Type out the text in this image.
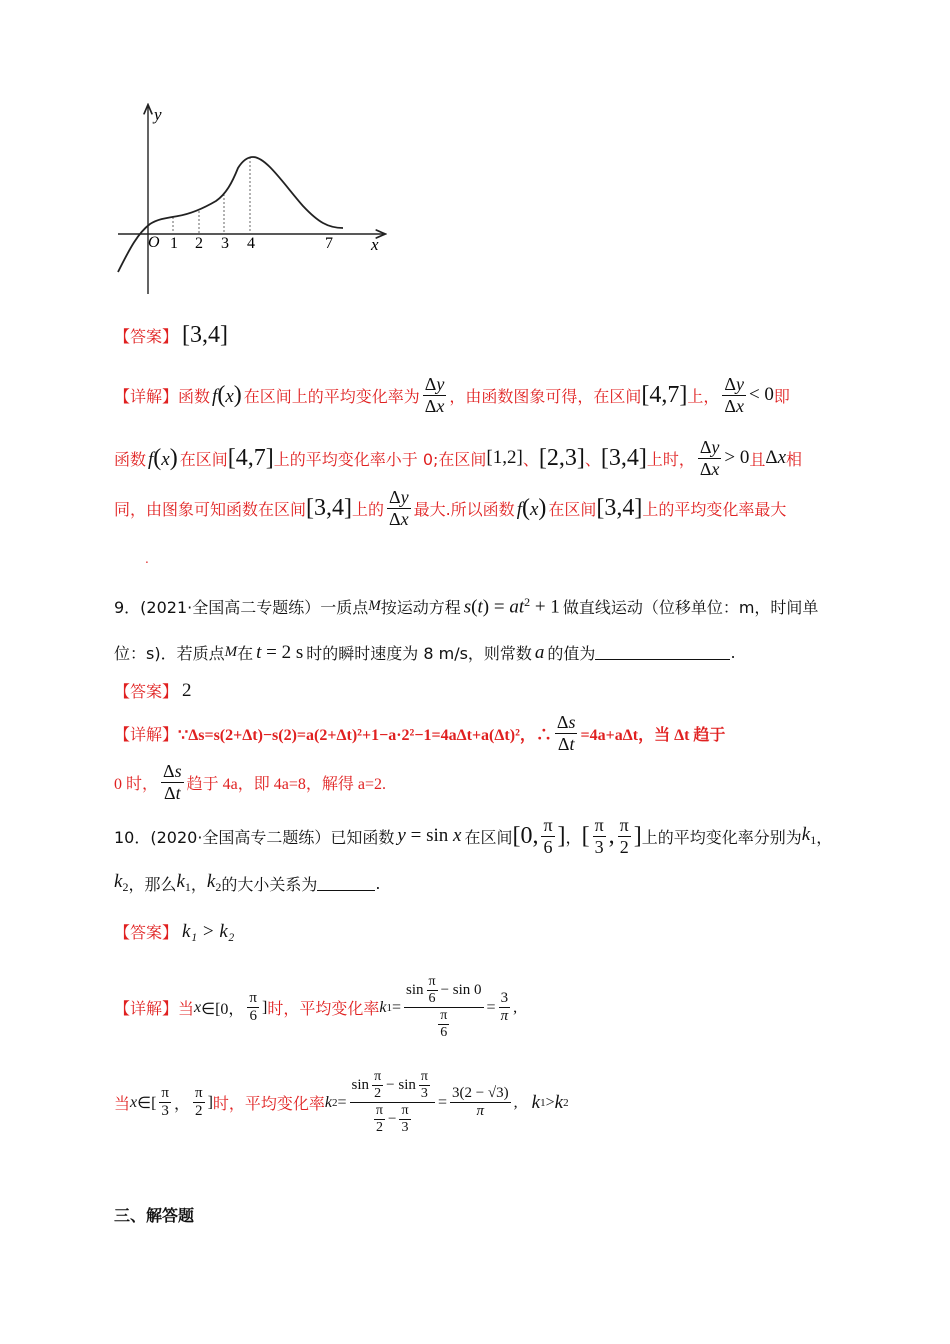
y
O	x
1 2 3 4	7
【答案】 [3,4]
【详解】 函数 f(x) 在区间上的平均变化率为 $\frac{\Delta y}{\Delta x}$ ，由函数图象可得，在区间 [4,7] 上， $\frac{\Delta y}{\Delta x} < 0$ 即
函数 f(x) 在区间 [4,7] 上的平均变化率小于 0;在区间 [1,2] 、 [2,3] 、 [3,4] 上时， $\frac{\Delta y}{\Delta x} > 0$ 且 Δx 相
同，由图象可知函数在区间 [3,4] 上的 $\frac{\Delta y}{\Delta x}$ 最大.所以函数 f(x) 在区间 [3,4] 上的平均变化率最大
.
9．(2021·全国高二专题练）一质点 M 按运动方程 $s(t) = at^2 + 1$ 做直线运动（位移单位：m，时间单
位：s)．若质点 M 在 t = 2 s 时的瞬时速度为 8 m/s，则常数 a 的值为	.
【答案】 2
【详解】 ∵Δs=s(2+Δt)−s(2)=a(2+Δt)²+1−a·2²−1=4aΔt+a(Δt)²，∴ $\frac{\Delta s}{\Delta t} =4a+a\Delta t$，当 Δt 趋于
0 时， $\frac{\Delta s}{\Delta t}$ 趋于 4a，即 4a=8，解得 a=2.
10．(2020·全国高专二题练）已知函数 y = sin x 在区间 [0, $\frac{\pi}{6}$ ] ， [ $\frac{\pi}{3}$ , $\frac{\pi}{2}$ ] 上的平均变化率分别为 $k_1$ ，
$k_2$ ，那么 $k_1$ ， $k_2$ 的大小关系为	.
【答案】 k₁ > k₂
【详解】 当 x ∈[0， $\frac{\pi}{6}$ ] 时，平均变化率 k $1 = \frac{\sin \frac{\pi}{6} - \sin 0}{\frac{\pi}{6}} = \frac{3}{\pi}$ ,
当 x ∈[ $\frac{\pi}{3}$ ， $\frac{\pi}{2}$ ] 时，平均变化率 k $2 = \frac{\sin \frac{\pi}{2} - \sin \frac{\pi}{3}}{\frac{\pi}{2} - \frac{\pi}{3}} = \frac{3(2 - √3)}{\pi}$ , k 1 > k 2
三、解答题
